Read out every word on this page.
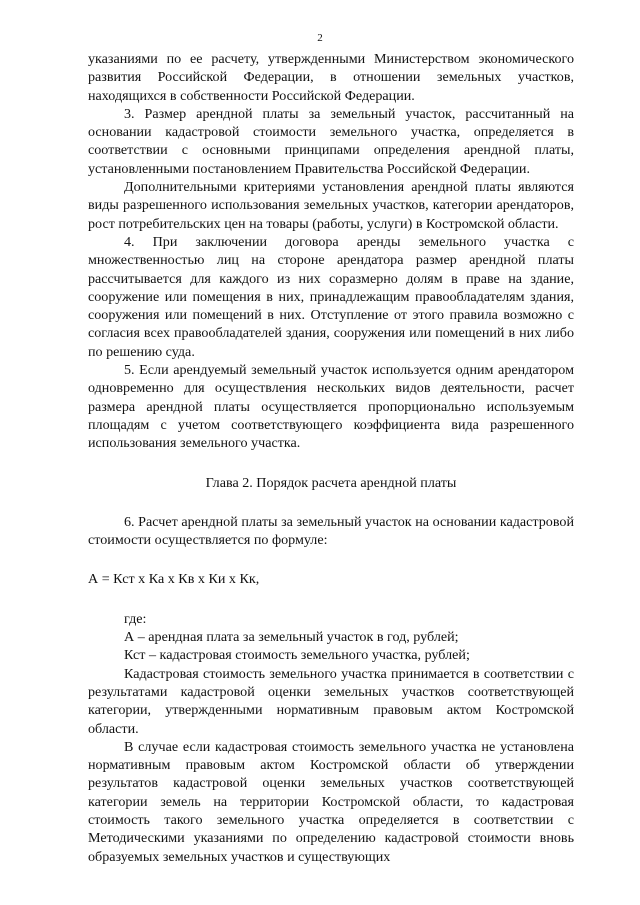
2

указаниями по ее расчету, утвержденными Министерством экономического развития Российской Федерации, в отношении земельных участков, находящихся в собственности Российской Федерации.

3. Размер арендной платы за земельный участок, рассчитанный на основании кадастровой стоимости земельного участка, определяется в соответствии с основными принципами определения арендной платы, установленными постановлением Правительства Российской Федерации.

Дополнительными критериями установления арендной платы являются виды разрешенного использования земельных участков, категории арендаторов, рост потребительских цен на товары (работы, услуги) в Костромской области.

4. При заключении договора аренды земельного участка с множественностью лиц на стороне арендатора размер арендной платы рассчитывается для каждого из них соразмерно долям в праве на здание, сооружение или помещения в них, принадлежащим правообладателям здания, сооружения или помещений в них. Отступление от этого правила возможно с согласия всех правообладателей здания, сооружения или помещений в них либо по решению суда.

5. Если арендуемый земельный участок используется одним арендатором одновременно для осуществления нескольких видов деятельности, расчет размера арендной платы осуществляется пропорционально используемым площадям с учетом соответствующего коэффициента вида разрешенного использования земельного участка.

Глава 2. Порядок расчета арендной платы

6. Расчет арендной платы за земельный участок на основании кадастровой стоимости осуществляется по формуле:

А = Кст х Ка х Кв х Ки х Кк,

где:

А – арендная плата за земельный участок в год, рублей;

Кст – кадастровая стоимость земельного участка, рублей;

Кадастровая стоимость земельного участка принимается в соответствии с результатами кадастровой оценки земельных участков соответствующей категории, утвержденными нормативным правовым актом Костромской области.

В случае если кадастровая стоимость земельного участка не установлена нормативным правовым актом Костромской области об утверждении результатов кадастровой оценки земельных участков соответствующей категории земель на территории Костромской области, то кадастровая стоимость такого земельного участка определяется в соответствии с Методическими указаниями по определению кадастровой стоимости вновь образуемых земельных участков и существующих
